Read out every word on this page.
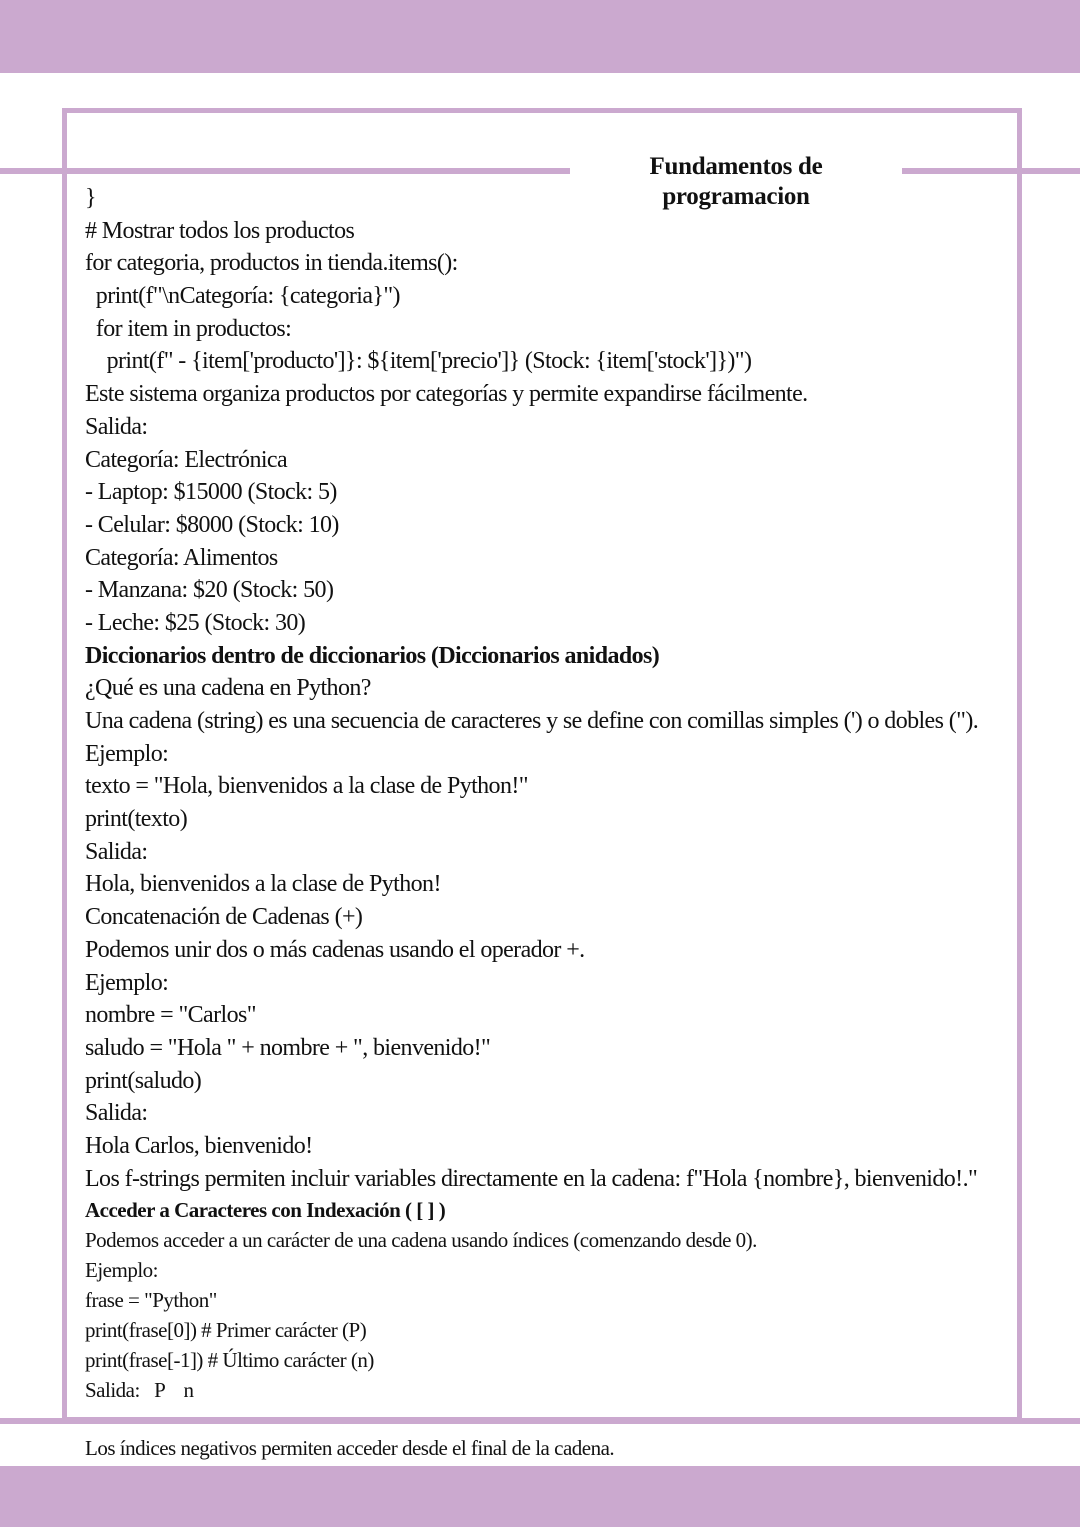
Fundamentos de programacion
}
# Mostrar todos los productos
for categoria, productos in tienda.items():
print(f"\nCategoría: {categoria}")
for item in productos:
print(f" - {item['producto']}: ${item['precio']} (Stock: {item['stock']})")
Este sistema organiza productos por categorías y permite expandirse fácilmente.
Salida:
Categoría: Electrónica
- Laptop: $15000 (Stock: 5)
- Celular: $8000 (Stock: 10)
Categoría: Alimentos
- Manzana: $20 (Stock: 50)
- Leche: $25 (Stock: 30)
Diccionarios dentro de diccionarios (Diccionarios anidados)
¿Qué es una cadena en Python?
Una cadena (string) es una secuencia de caracteres y se define con comillas simples (') o dobles (").
Ejemplo:
texto = "Hola, bienvenidos a la clase de Python!"
print(texto)
Salida:
Hola, bienvenidos a la clase de Python!
Concatenación de Cadenas (+)
Podemos unir dos o más cadenas usando el operador +.
Ejemplo:
nombre = "Carlos"
saludo = "Hola " + nombre + ", bienvenido!"
print(saludo)
Salida:
Hola Carlos, bienvenido!
Los f-strings permiten incluir variables directamente en la cadena: f"Hola {nombre}, bienvenido!."
Acceder a Caracteres con Indexación ( [ ] )
Podemos acceder a un carácter de una cadena usando índices (comenzando desde 0).
Ejemplo:
frase = "Python"
print(frase[0]) # Primer carácter (P)
print(frase[-1]) # Último carácter (n)
Salida:   P    n
Los índices negativos permiten acceder desde el final de la cadena.
